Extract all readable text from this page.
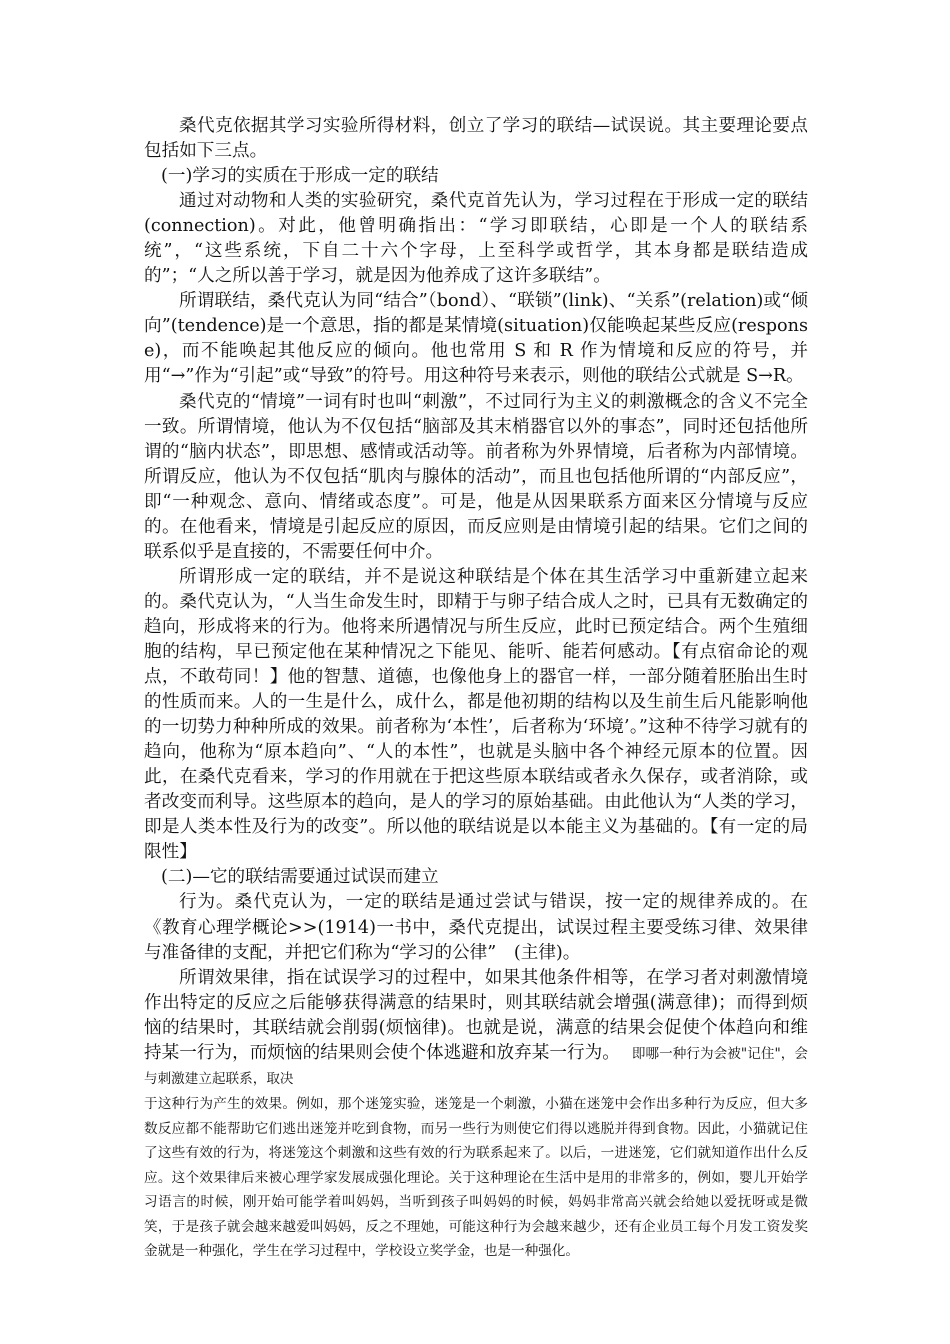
桑代克依据其学习实验所得材料，创立了学习的联结—试误说。其主要理论要点包括如下三点。

(一)学习的实质在于形成一定的联结

通过对动物和人类的实验研究，桑代克首先认为，学习过程在于形成一定的联结(connection)。对此，他曾明确指出：“学习即联结，心即是一个人的联结系统”，“这些系统，下自二十六个字母，上至科学或哲学，其本身都是联结造成的”；“人之所以善于学习，就是因为他养成了这许多联结”。

所谓联结，桑代克认为同“结合”（bond）、“联锁”(link)、“关系”(relation)或“倾向”(tendence)是一个意思，指的都是某情境(situation)仅能唤起某些反应(response)，而不能唤起其他反应的倾向。他也常用 S 和 R 作为情境和反应的符号，并用“→”作为“引起”或“导致”的符号。用这种符号来表示，则他的联结公式就是 S→R。

桑代克的“情境”一词有时也叫“刺激”，不过同行为主义的刺激概念的含义不完全一致。所谓情境，他认为不仅包括“脑部及其末梢器官以外的事态”，同时还包括他所谓的“脑内状态”，即思想、感情或活动等。前者称为外界情境，后者称为内部情境。所谓反应，他认为不仅包括“肌肉与腺体的活动”，而且也包括他所谓的“内部反应”，即“一种观念、意向、情绪或态度”。可是，他是从因果联系方面来区分情境与反应的。在他看来，情境是引起反应的原因，而反应则是由情境引起的结果。它们之间的联系似乎是直接的，不需要任何中介。

所谓形成一定的联结，并不是说这种联结是个体在其生活学习中重新建立起来的。桑代克认为，“人当生命发生时，即精于与卵子结合成人之时，已具有无数确定的趋向，形成将来的行为。他将来所遇情况与所生反应，此时已预定结合。两个生殖细胞的结构，早已预定他在某种情况之下能见、能听、能若何感动。【有点宿命论的观点，不敢苟同！】他的智慧、道德，也像他身上的器官一样，一部分随着胚胎出生时的性质而来。人的一生是什么，成什么，都是他初期的结构以及生前生后凡能影响他的一切势力种种所成的效果。前者称为‘本性’，后者称为‘环境’。”这种不待学习就有的趋向，他称为“原本趋向”、“人的本性”，也就是头脑中各个神经元原本的位置。因此，在桑代克看来，学习的作用就在于把这些原本联结或者永久保存，或者消除，或者改变而利导。这些原本的趋向，是人的学习的原始基础。由此他认为“人类的学习，即是人类本性及行为的改变”。所以他的联结说是以本能主义为基础的。【有一定的局限性】

(二)—它的联结需要通过试误而建立

行为。桑代克认为，一定的联结是通过尝试与错误，按一定的规律养成的。在《教育心理学概论>>(1914)一书中，桑代克提出，试误过程主要受练习律、效果律与准备律的支配，并把它们称为“学习的公律”　(主律)。

所谓效果律，指在试误学习的过程中，如果其他条件相等，在学习者对刺激情境作出特定的反应之后能够获得满意的结果时，则其联结就会增强(满意律)；而得到烦恼的结果时，其联结就会削弱(烦恼律)。也就是说，满意的结果会促使个体趋向和维持某一行为，而烦恼的结果则会使个体逃避和放弃某一行为。 即哪一种行为会被"记住"，会与刺激建立起联系，取决

于这种行为产生的效果。例如，那个迷笼实验，迷笼是一个刺激，小猫在迷笼中会作出多种行为反应，但大多数反应都不能帮助它们逃出迷笼并吃到食物，而另一些行为则使它们得以逃脱并得到食物。因此，小猫就记住了这些有效的行为，将迷笼这个刺激和这些有效的行为联系起来了。以后，一进迷笼，它们就知道作出什么反应。这个效果律后来被心理学家发展成强化理论。关于这种理论在生活中是用的非常多的，例如，婴儿开始学习语言的时候，刚开始可能学着叫妈妈，当听到孩子叫妈妈的时候，妈妈非常高兴就会给她以爱抚呀或是微笑，于是孩子就会越来越爱叫妈妈，反之不理她，可能这种行为会越来越少，还有企业员工每个月发工资发奖金就是一种强化，学生在学习过程中，学校设立奖学金，也是一种强化。
